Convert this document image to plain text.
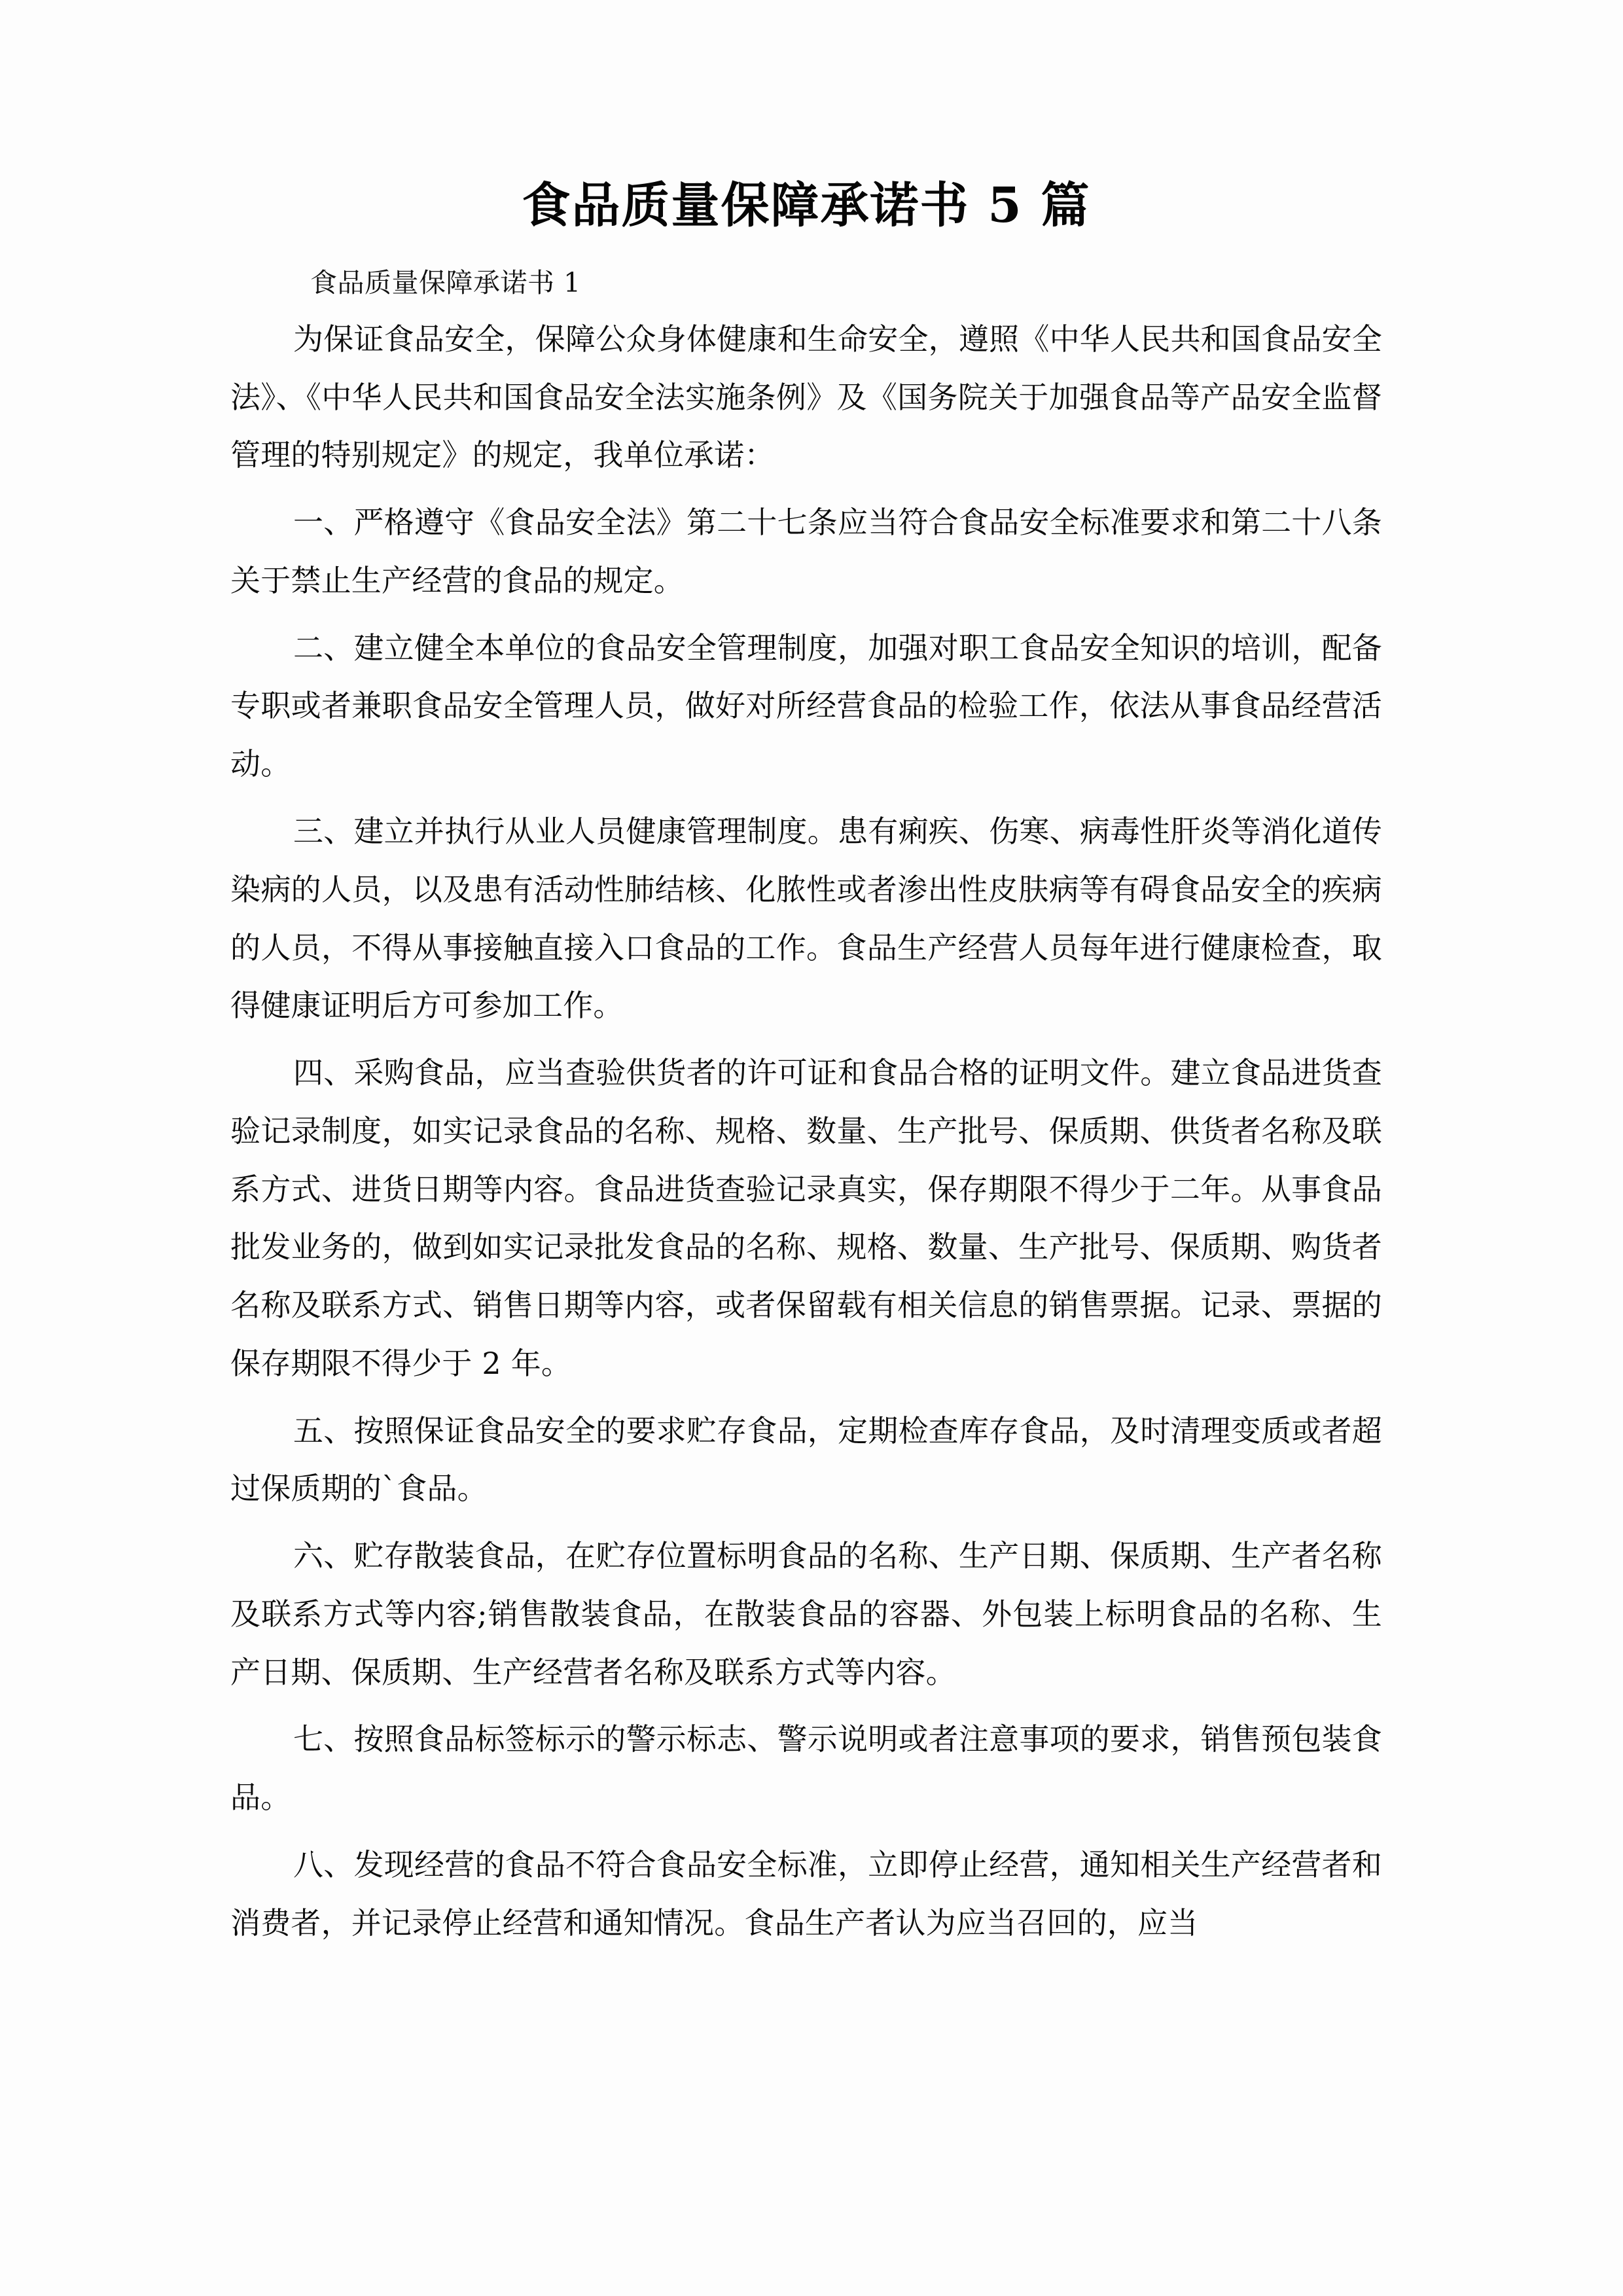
食品质量保障承诺书 5 篇

食品质量保障承诺书 1

为保证食品安全，保障公众身体健康和生命安全，遵照《中华人民共和国食品安全法》、《中华人民共和国食品安全法实施条例》及《国务院关于加强食品等产品安全监督管理的特别规定》的规定，我单位承诺：

一、严格遵守《食品安全法》第二十七条应当符合食品安全标准要求和第二十八条关于禁止生产经营的食品的规定。

二、建立健全本单位的食品安全管理制度，加强对职工食品安全知识的培训，配备专职或者兼职食品安全管理人员，做好对所经营食品的检验工作，依法从事食品经营活动。

三、建立并执行从业人员健康管理制度。患有痢疾、伤寒、病毒性肝炎等消化道传染病的人员，以及患有活动性肺结核、化脓性或者渗出性皮肤病等有碍食品安全的疾病的人员，不得从事接触直接入口食品的工作。食品生产经营人员每年进行健康检查，取得健康证明后方可参加工作。

四、采购食品，应当查验供货者的许可证和食品合格的证明文件。建立食品进货查验记录制度，如实记录食品的名称、规格、数量、生产批号、保质期、供货者名称及联系方式、进货日期等内容。食品进货查验记录真实，保存期限不得少于二年。从事食品批发业务的，做到如实记录批发食品的名称、规格、数量、生产批号、保质期、购货者名称及联系方式、销售日期等内容，或者保留载有相关信息的销售票据。记录、票据的保存期限不得少于 2 年。

五、按照保证食品安全的要求贮存食品，定期检查库存食品，及时清理变质或者超过保质期的`食品。

六、贮存散装食品，在贮存位置标明食品的名称、生产日期、保质期、生产者名称及联系方式等内容;销售散装食品，在散装食品的容器、外包装上标明食品的名称、生产日期、保质期、生产经营者名称及联系方式等内容。

七、按照食品标签标示的警示标志、警示说明或者注意事项的要求，销售预包装食品。

八、发现经营的食品不符合食品安全标准，立即停止经营，通知相关生产经营者和消费者，并记录停止经营和通知情况。食品生产者认为应当召回的，应当
